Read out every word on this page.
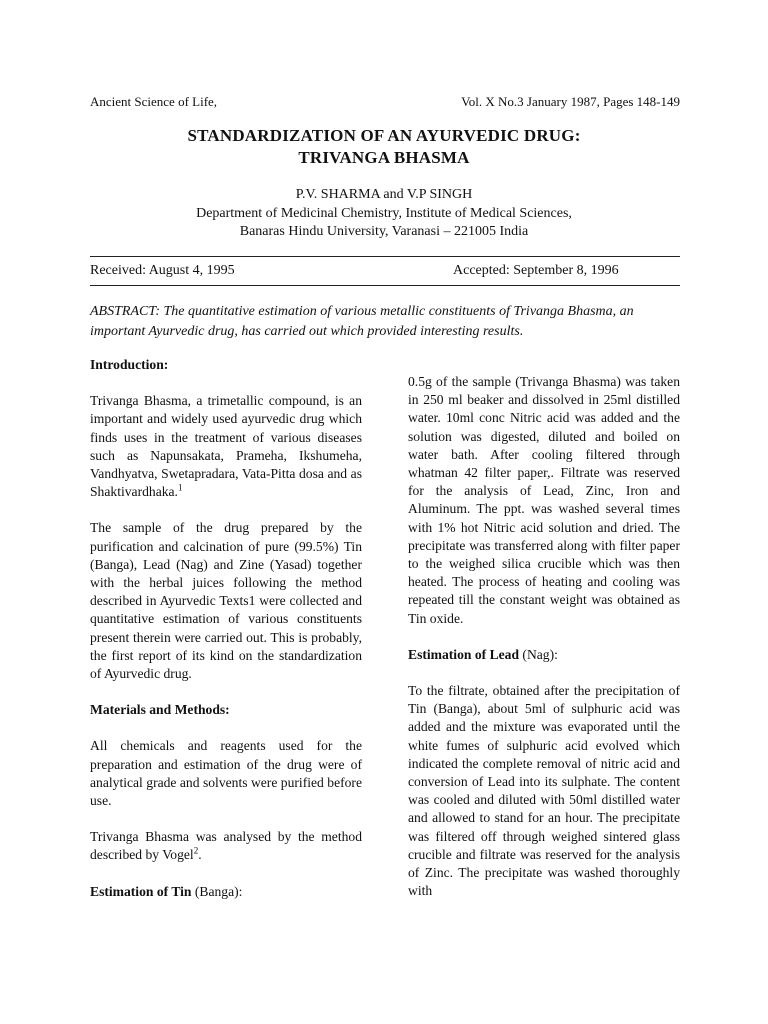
Ancient Science of Life,	Vol. X No.3 January 1987, Pages 148-149
STANDARDIZATION OF AN AYURVEDIC DRUG:
TRIVANGA BHASMA
P.V. SHARMA and V.P SINGH
Department of Medicinal Chemistry, Institute of Medical Sciences,
Banaras Hindu University, Varanasi – 221005 India
Received: August 4, 1995	Accepted: September 8, 1996
ABSTRACT: The quantitative estimation of various metallic constituents of Trivanga Bhasma, an important Ayurvedic drug, has carried out which provided interesting results.
Introduction:

Trivanga Bhasma, a trimetallic compound, is an important and widely used ayurvedic drug which finds uses in the treatment of various diseases such as Napunsakata, Prameha, Ikshumeha, Vandhyatva, Swetapradara, Vata-Pitta dosa and as Shaktivardhaka.$^1$

The sample of the drug prepared by the purification and calcination of pure (99.5%) Tin (Banga), Lead (Nag) and Zine (Yasad) together with the herbal juices following the method described in Ayurvedic Texts1 were collected and quantitative estimation of various constituents present therein were carried out. This is probably, the first report of its kind on the standardization of Ayurvedic drug.

Materials and Methods:

All chemicals and reagents used for the preparation and estimation of the drug were of analytical grade and solvents were purified before use.

Trivanga Bhasma was analysed by the method described by Vogel$^2$.

Estimation of Tin (Banga):

0.5g of the sample (Trivanga Bhasma) was taken in 250 ml beaker and dissolved in 25ml distilled water. 10ml conc Nitric acid was added and the solution was digested, diluted and boiled on water bath. After cooling filtered through whatman 42 filter paper,. Filtrate was reserved for the analysis of Lead, Zinc, Iron and Aluminum. The ppt. was washed several times with 1% hot Nitric acid solution and dried. The precipitate was transferred along with filter paper to the weighed silica crucible which was then heated. The process of heating and cooling was repeated till the constant weight was obtained as Tin oxide.

Estimation of Lead (Nag):

To the filtrate, obtained after the precipitation of Tin (Banga), about 5ml of sulphuric acid was added and the mixture was evaporated until the white fumes of sulphuric acid evolved which indicated the complete removal of nitric acid and conversion of Lead into its sulphate. The content was cooled and diluted with 50ml distilled water and allowed to stand for an hour. The precipitate was filtered off through weighed sintered glass crucible and filtrate was reserved for the analysis of Zinc. The precipitate was washed thoroughly with
